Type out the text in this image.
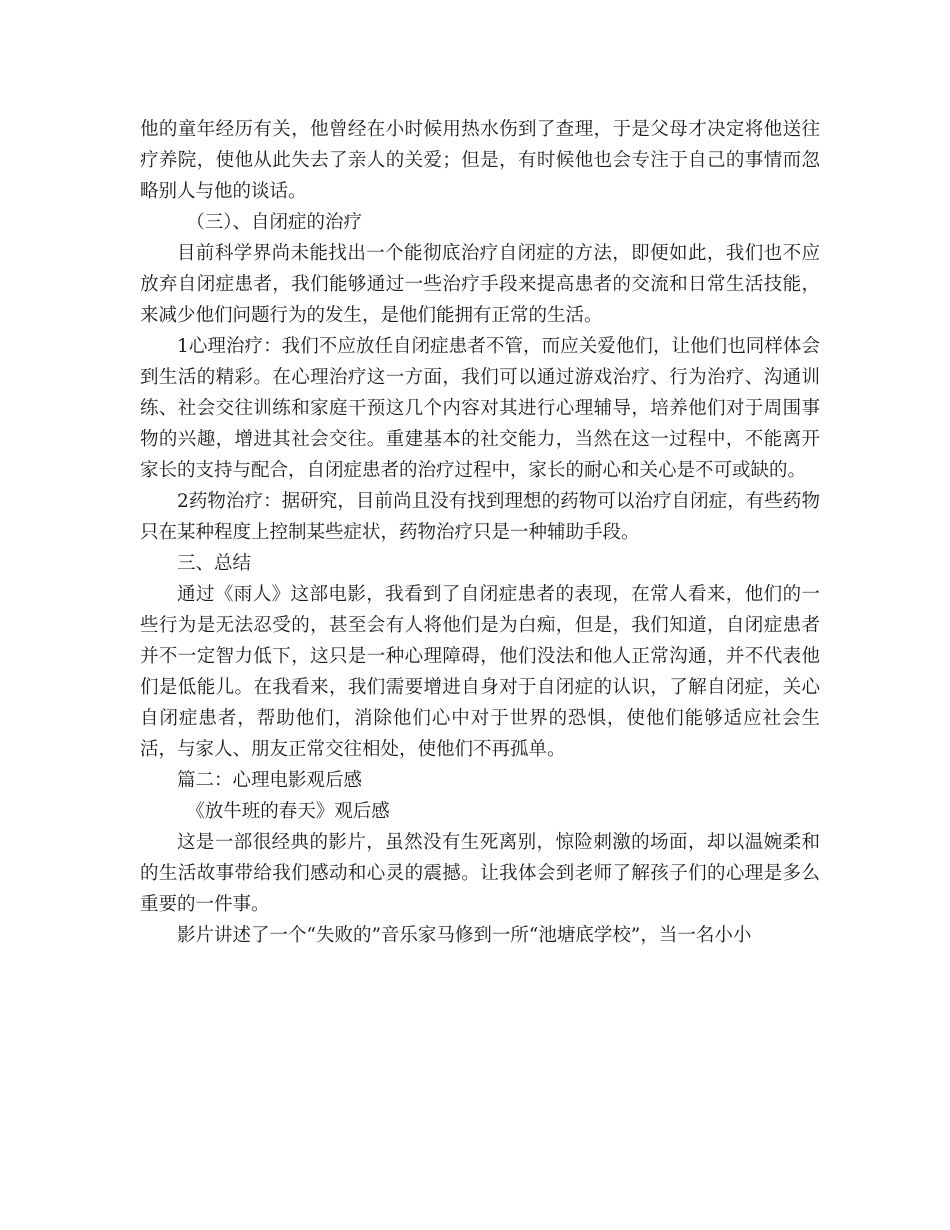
他的童年经历有关，他曾经在小时候用热水伤到了查理，于是父母才决定将他送往疗养院，使他从此失去了亲人的关爱；但是，有时候他也会专注于自己的事情而忽略别人与他的谈话。

（三）、自闭症的治疗

目前科学界尚未能找出一个能彻底治疗自闭症的方法，即便如此，我们也不应放弃自闭症患者，我们能够通过一些治疗手段来提高患者的交流和日常生活技能，来减少他们问题行为的发生，是他们能拥有正常的生活。

1心理治疗：我们不应放任自闭症患者不管，而应关爱他们，让他们也同样体会到生活的精彩。在心理治疗这一方面，我们可以通过游戏治疗、行为治疗、沟通训练、社会交往训练和家庭干预这几个内容对其进行心理辅导，培养他们对于周围事物的兴趣，增进其社会交往。重建基本的社交能力，当然在这一过程中，不能离开家长的支持与配合，自闭症患者的治疗过程中，家长的耐心和关心是不可或缺的。

2药物治疗：据研究，目前尚且没有找到理想的药物可以治疗自闭症，有些药物只在某种程度上控制某些症状，药物治疗只是一种辅助手段。

三、总结

通过《雨人》这部电影，我看到了自闭症患者的表现，在常人看来，他们的一些行为是无法忍受的，甚至会有人将他们是为白痴，但是，我们知道，自闭症患者并不一定智力低下，这只是一种心理障碍，他们没法和他人正常沟通，并不代表他们是低能儿。在我看来，我们需要增进自身对于自闭症的认识，了解自闭症，关心自闭症患者，帮助他们，消除他们心中对于世界的恐惧，使他们能够适应社会生活，与家人、朋友正常交往相处，使他们不再孤单。

篇二：心理电影观后感

《放牛班的春天》观后感

这是一部很经典的影片，虽然没有生死离别，惊险刺激的场面，却以温婉柔和的生活故事带给我们感动和心灵的震撼。让我体会到老师了解孩子们的心理是多么重要的一件事。

影片讲述了一个“失败的”音乐家马修到一所“池塘底学校”，当一名小小
